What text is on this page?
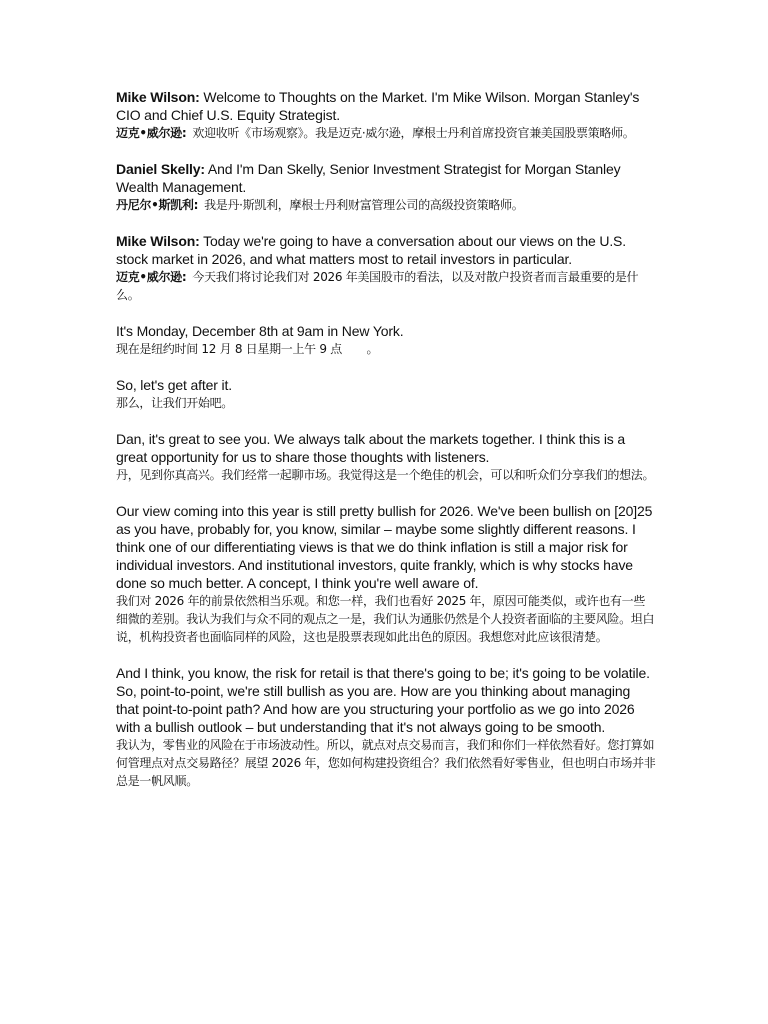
Mike Wilson: Welcome to Thoughts on the Market. I'm Mike Wilson. Morgan Stanley's CIO and Chief U.S. Equity Strategist.

迈克•威尔逊: 欢迎收听《市场观察》。我是迈克·威尔逊，摩根士丹利首席投资官兼美国股票策略师。

Daniel Skelly: And I'm Dan Skelly, Senior Investment Strategist for Morgan Stanley Wealth Management.

丹尼尔•斯凯利: 我是丹·斯凯利，摩根士丹利财富管理公司的高级投资策略师。

Mike Wilson: Today we're going to have a conversation about our views on the U.S. stock market in 2026, and what matters most to retail investors in particular.

迈克•威尔逊: 今天我们将讨论我们对 2026 年美国股市的看法，以及对散户投资者而言最重要的是什么。

It's Monday, December 8th at 9am in New York.

现在是纽约时间 12 月 8 日星期一上午 9 点       。

So, let's get after it.

那么，让我们开始吧。

Dan, it's great to see you. We always talk about the markets together. I think this is a great opportunity for us to share those thoughts with listeners.

丹，见到你真高兴。我们经常一起聊市场。我觉得这是一个绝佳的机会，可以和听众们分享我们的想法。

Our view coming into this year is still pretty bullish for 2026. We've been bullish on [20]25 as you have, probably for, you know, similar – maybe some slightly different reasons. I think one of our differentiating views is that we do think inflation is still a major risk for individual investors. And institutional investors, quite frankly, which is why stocks have done so much better. A concept, I think you're well aware of.

我们对 2026 年的前景依然相当乐观。和您一样，我们也看好 2025 年，原因可能类似，或许也有一些细微的差别。我认为我们与众不同的观点之一是，我们认为通胀仍然是个人投资者面临的主要风险。坦白说，机构投资者也面临同样的风险，这也是股票表现如此出色的原因。我想您对此应该很清楚。

And I think, you know, the risk for retail is that there's going to be; it's going to be volatile. So, point-to-point, we're still bullish as you are. How are you thinking about managing that point-to-point path? And how are you structuring your portfolio as we go into 2026 with a bullish outlook – but understanding that it's not always going to be smooth.

我认为，零售业的风险在于市场波动性。所以，就点对点交易而言，我们和你们一样依然看好。您打算如何管理点对点交易路径？展望 2026 年，您如何构建投资组合？我们依然看好零售业，但也明白市场并非总是一帆风顺。
